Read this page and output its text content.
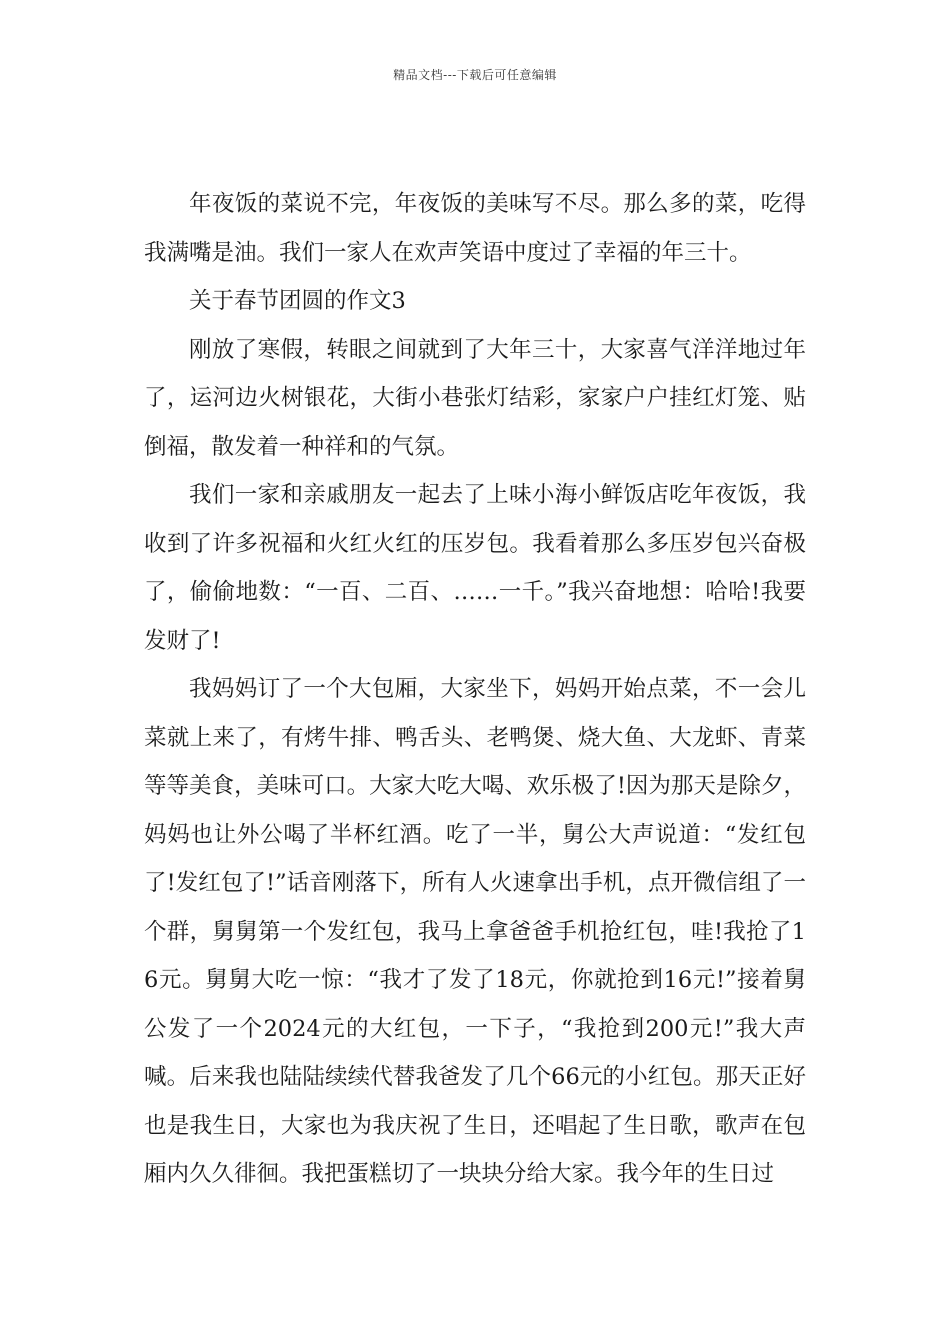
精品文档---下载后可任意编辑

年夜饭的菜说不完，年夜饭的美味写不尽。那么多的菜，吃得我满嘴是油。我们一家人在欢声笑语中度过了幸福的年三十。

关于春节团圆的作文3

刚放了寒假，转眼之间就到了大年三十，大家喜气洋洋地过年了，运河边火树银花，大街小巷张灯结彩，家家户户挂红灯笼、贴倒福，散发着一种祥和的气氛。

我们一家和亲戚朋友一起去了上味小海小鲜饭店吃年夜饭，我收到了许多祝福和火红火红的压岁包。我看着那么多压岁包兴奋极了，偷偷地数：“一百、二百、……一千。”我兴奋地想：哈哈!我要发财了!

我妈妈订了一个大包厢，大家坐下，妈妈开始点菜，不一会儿菜就上来了，有烤牛排、鸭舌头、老鸭煲、烧大鱼、大龙虾、青菜等等美食，美味可口。大家大吃大喝、欢乐极了!因为那天是除夕，妈妈也让外公喝了半杯红酒。吃了一半，舅公大声说道：“发红包了!发红包了!”话音刚落下，所有人火速拿出手机，点开微信组了一个群，舅舅第一个发红包，我马上拿爸爸手机抢红包，哇!我抢了16元。舅舅大吃一惊：“我才了发了18元，你就抢到16元!”接着舅公发了一个2024元的大红包，一下子，“我抢到200元!”我大声喊。后来我也陆陆续续代替我爸发了几个66元的小红包。那天正好也是我生日，大家也为我庆祝了生日，还唱起了生日歌，歌声在包厢内久久徘徊。我把蛋糕切了一块块分给大家。我今年的生日过
